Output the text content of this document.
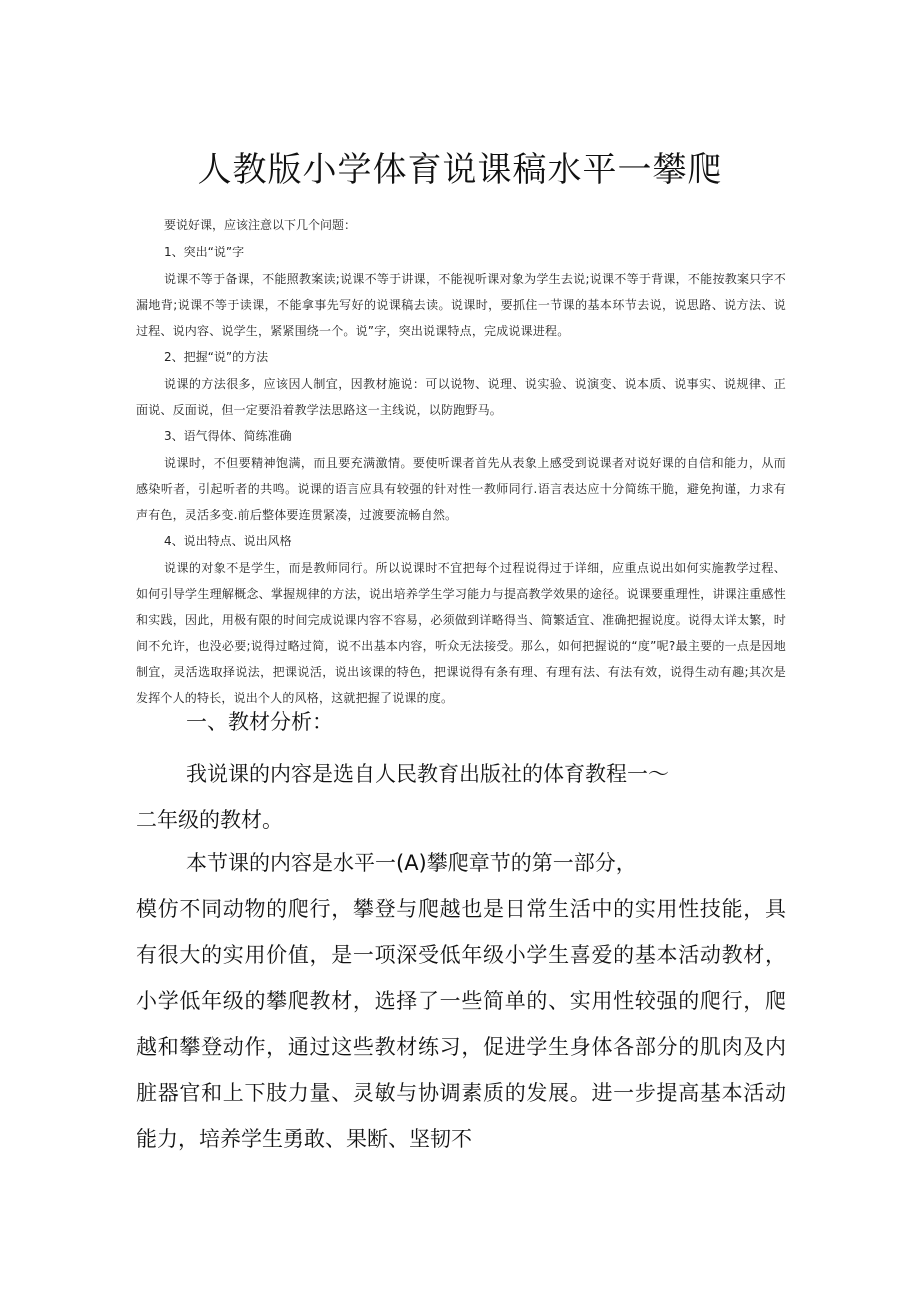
人教版小学体育说课稿水平一攀爬

要说好课，应该注意以下几个问题：

1、突出“说”字

说课不等于备课，不能照教案读;说课不等于讲课，不能视听课对象为学生去说;说课不等于背课，不能按教案只字不漏地背;说课不等于读课，不能拿事先写好的说课稿去读。说课时，要抓住一节课的基本环节去说，说思路、说方法、说过程、说内容、说学生，紧紧围绕一个。说”字，突出说课特点，完成说课进程。

2、把握“说”的方法

说课的方法很多，应该因人制宜，因教材施说：可以说物、说理、说实验、说演变、说本质、说事实、说规律、正面说、反面说，但一定要沿着教学法思路这一主线说，以防跑野马。

3、语气得体、简练准确

说课时，不但要精神饱满，而且要充满激情。要使听课者首先从表象上感受到说课者对说好课的自信和能力，从而感染听者，引起听者的共鸣。说课的语言应具有较强的针对性一教师同行.语言表达应十分简练干脆，避免拘谨，力求有声有色，灵活多变.前后整体要连贯紧凑，过渡要流畅自然。

4、说出特点、说出风格

说课的对象不是学生，而是教师同行。所以说课时不宜把每个过程说得过于详细，应重点说出如何实施教学过程、如何引导学生理解概念、掌握规律的方法，说出培养学生学习能力与提高教学效果的途径。说课要重理性，讲课注重感性和实践，因此，用极有限的时间完成说课内容不容易，必须做到详略得当、简繁适宜、准确把握说度。说得太详太繁，时间不允许，也没必要;说得过略过简，说不出基本内容，听众无法接受。那么，如何把握说的“度”呢?最主要的一点是因地制宜，灵活选取择说法，把课说活，说出该课的特色，把课说得有条有理、有理有法、有法有效，说得生动有趣;其次是发挥个人的特长，说出个人的风格，这就把握了说课的度。

一、教材分析：

我说课的内容是选自人民教育出版社的体育教程一～

二年级的教材。

本节课的内容是水平一(A)攀爬章节的第一部分，

模仿不同动物的爬行，攀登与爬越也是日常生活中的实用性技能，具有很大的实用价值，是一项深受低年级小学生喜爱的基本活动教材，小学低年级的攀爬教材，选择了一些简单的、实用性较强的爬行，爬越和攀登动作，通过这些教材练习，促进学生身体各部分的肌肉及内脏器官和上下肢力量、灵敏与协调素质的发展。进一步提高基本活动能力，培养学生勇敢、果断、坚韧不
